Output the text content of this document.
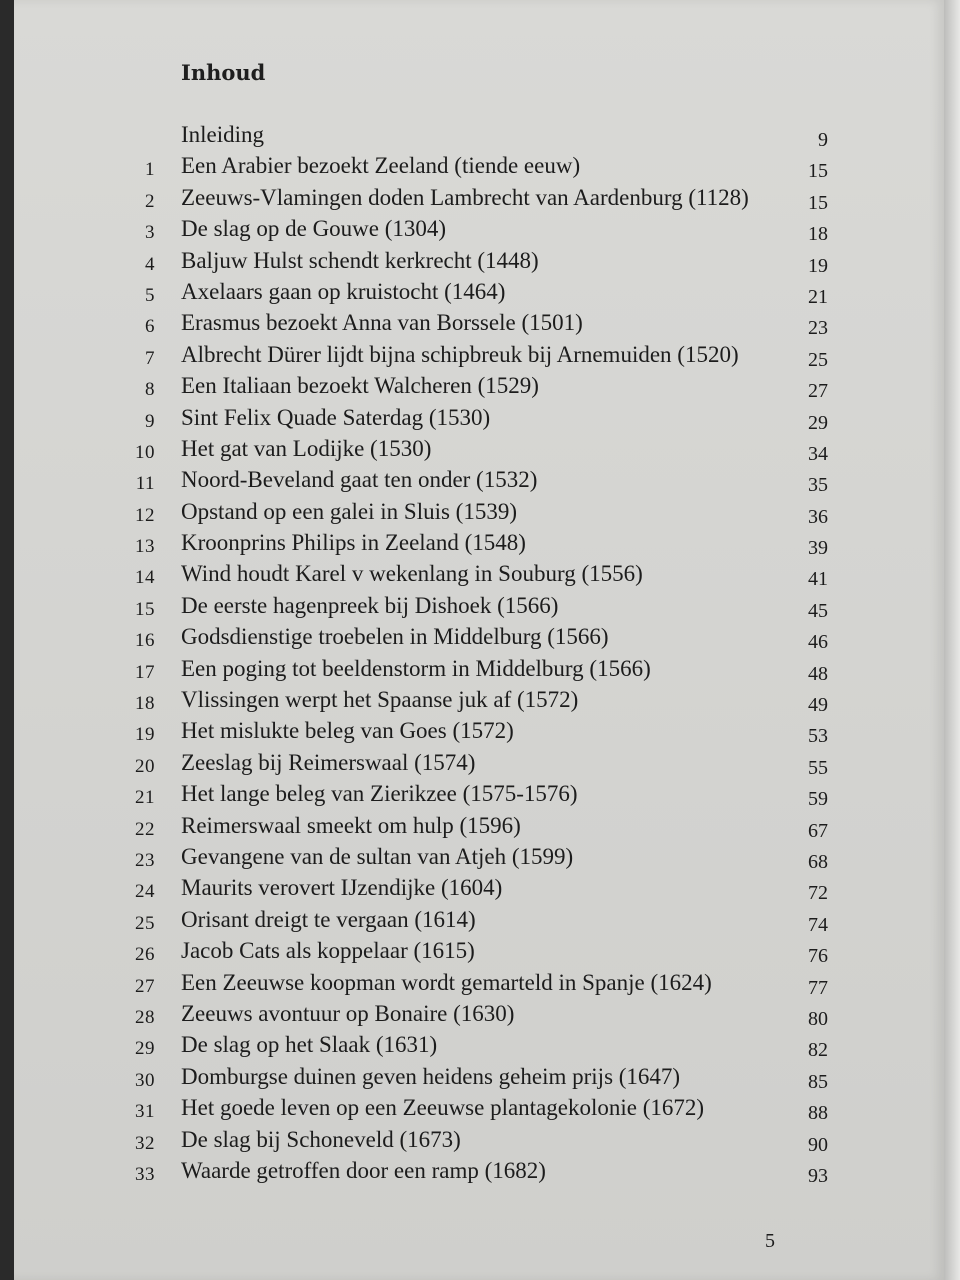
Inhoud
Inleiding	9
1 Een Arabier bezoekt Zeeland (tiende eeuw)	15
2 Zeeuws-Vlamingen doden Lambrecht van Aardenburg (1128)	15
3 De slag op de Gouwe (1304)	18
4 Baljuw Hulst schendt kerkrecht (1448)	19
5 Axelaars gaan op kruistocht (1464)	21
6 Erasmus bezoekt Anna van Borssele (1501)	23
7 Albrecht Dürer lijdt bijna schipbreuk bij Arnemuiden (1520)	25
8 Een Italiaan bezoekt Walcheren (1529)	27
9 Sint Felix Quade Saterdag (1530)	29
10 Het gat van Lodijke (1530)	34
11 Noord-Beveland gaat ten onder (1532)	35
12 Opstand op een galei in Sluis (1539)	36
13 Kroonprins Philips in Zeeland (1548)	39
14 Wind houdt Karel v wekenlang in Souburg (1556)	41
15 De eerste hagenpreek bij Dishoek (1566)	45
16 Godsdienstige troebelen in Middelburg (1566)	46
17 Een poging tot beeldenstorm in Middelburg (1566)	48
18 Vlissingen werpt het Spaanse juk af (1572)	49
19 Het mislukte beleg van Goes (1572)	53
20 Zeeslag bij Reimerswaal (1574)	55
21 Het lange beleg van Zierikzee (1575-1576)	59
22 Reimerswaal smeekt om hulp (1596)	67
23 Gevangene van de sultan van Atjeh (1599)	68
24 Maurits verovert IJzendijke (1604)	72
25 Orisant dreigt te vergaan (1614)	74
26 Jacob Cats als koppelaar (1615)	76
27 Een Zeeuwse koopman wordt gemarteld in Spanje (1624)	77
28 Zeeuws avontuur op Bonaire (1630)	80
29 De slag op het Slaak (1631)	82
30 Domburgse duinen geven heidens geheim prijs (1647)	85
31 Het goede leven op een Zeeuwse plantagekolonie (1672)	88
32 De slag bij Schoneveld (1673)	90
33 Waarde getroffen door een ramp (1682)	93
5
